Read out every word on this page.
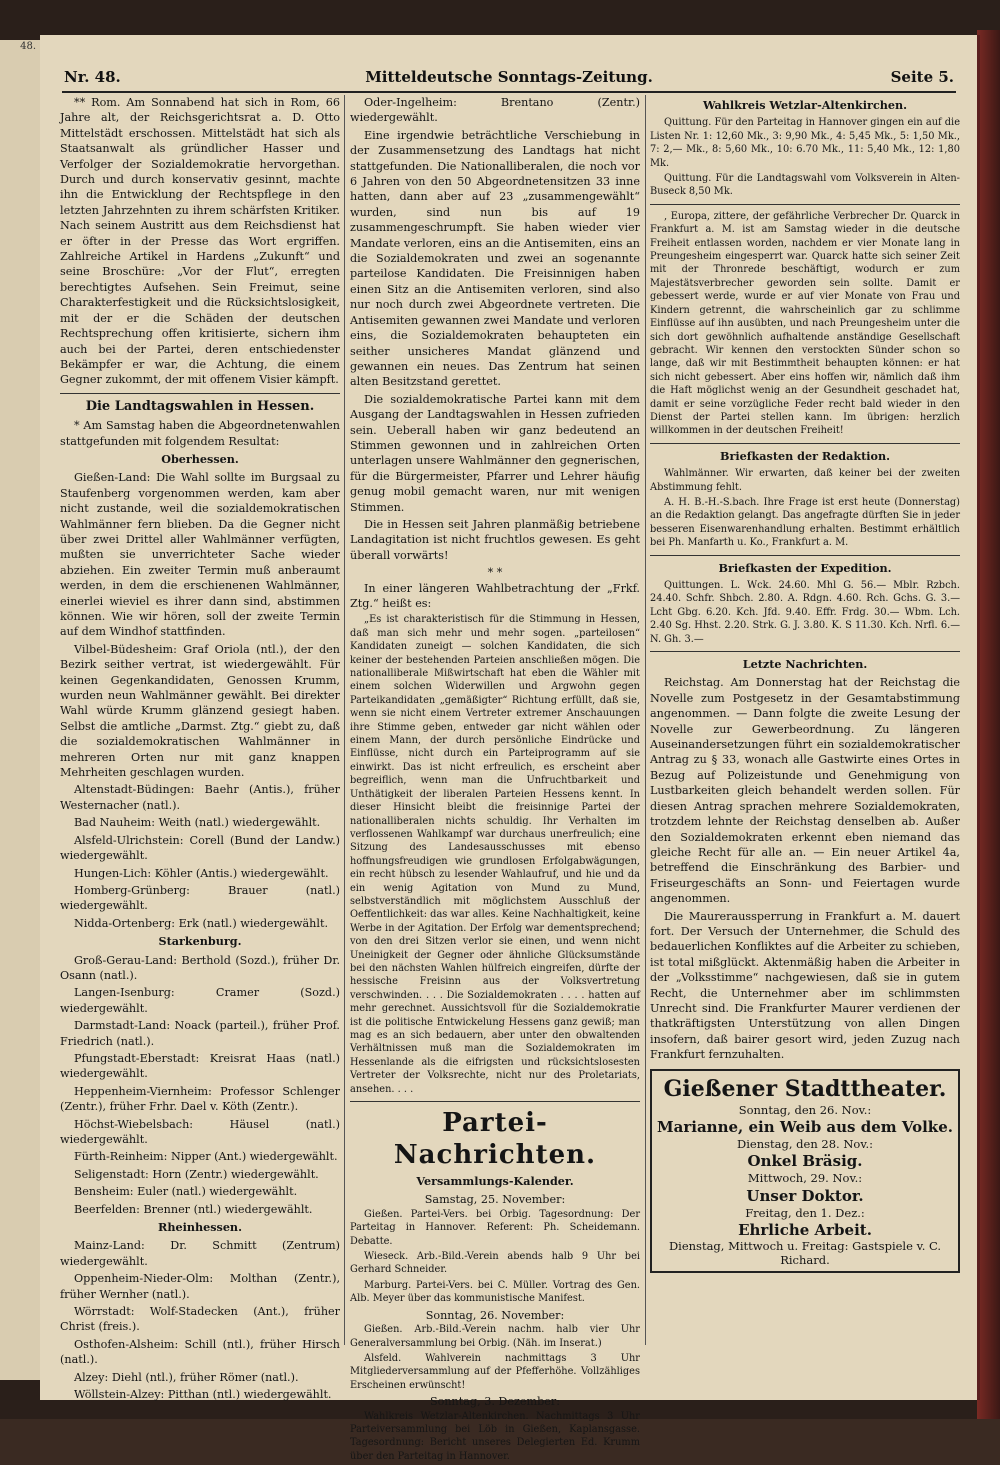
48.
Nr. 48.	Mitteldeutsche Sonntags-Zeitung.	Seite 5.

** Rom. Am Sonnabend hat sich in Rom, 66 Jahre alt, der Reichsgerichtsrat a. D. Otto Mittelstädt erschossen. Mittelstädt hat sich als Staatsanwalt als gründlicher Hasser und Verfolger der Sozialdemokratie hervorgethan. Durch und durch konservativ gesinnt, machte ihn die Entwicklung der Rechtspflege in den letzten Jahrzehnten zu ihrem schärfsten Kritiker. Nach seinem Austritt aus dem Reichsdienst hat er öfter in der Presse das Wort ergriffen. Zahlreiche Artikel in Hardens „Zukunft“ und seine Broschüre: „Vor der Flut“, erregten berechtigtes Aufsehen. Sein Freimut, seine Charakterfestigkeit und die Rücksichtslosigkeit, mit der er die Schäden der deutschen Rechtsprechung offen kritisierte, sichern ihm auch bei der Partei, deren entschiedenster Bekämpfer er war, die Achtung, die einem Gegner zukommt, der mit offenem Visier kämpft.

Die Landtagswahlen in Hessen.

* Am Samstag haben die Abgeordnetenwahlen stattgefunden mit folgendem Resultat:

Oberhessen.

Gießen-Land: Die Wahl sollte im Burgsaal zu Staufenberg vorgenommen werden, kam aber nicht zustande, weil die sozialdemokratischen Wahlmänner fern blieben. Da die Gegner nicht über zwei Drittel aller Wahlmänner verfügten, mußten sie unverrichteter Sache wieder abziehen. Ein zweiter Termin muß anberaumt werden, in dem die erschienenen Wahlmänner, einerlei wieviel es ihrer dann sind, abstimmen können. Wie wir hören, soll der zweite Termin auf dem Windhof stattfinden.

Vilbel-Büdesheim: Graf Oriola (ntl.), der den Bezirk seither vertrat, ist wiedergewählt. Für keinen Gegenkandidaten, Genossen Krumm, wurden neun Wahlmänner gewählt. Bei direkter Wahl würde Krumm glänzend gesiegt haben. Selbst die amtliche „Darmst. Ztg.“ giebt zu, daß die sozialdemokratischen Wahlmänner in mehreren Orten nur mit ganz knappen Mehrheiten geschlagen wurden.

Altenstadt-Büdingen: Baehr (Antis.), früher Westernacher (natl.).

Bad Nauheim: Weith (natl.) wiedergewählt.

Alsfeld-Ulrichstein: Corell (Bund der Landw.) wiedergewählt.

Hungen-Lich: Köhler (Antis.) wiedergewählt.

Homberg-Grünberg: Brauer (natl.) wiedergewählt.

Nidda-Ortenberg: Erk (natl.) wiedergewählt.

Starkenburg.

Groß-Gerau-Land: Berthold (Sozd.), früher Dr. Osann (natl.).

Langen-Isenburg: Cramer (Sozd.) wiedergewählt.

Darmstadt-Land: Noack (parteil.), früher Prof. Friedrich (natl.).

Pfungstadt-Eberstadt: Kreisrat Haas (natl.) wiedergewählt.

Heppenheim-Viernheim: Professor Schlenger (Zentr.), früher Frhr. Dael v. Köth (Zentr.).

Höchst-Wiebelsbach: Häusel (natl.) wiedergewählt.

Fürth-Reinheim: Nipper (Ant.) wiedergewählt.

Seligenstadt: Horn (Zentr.) wiedergewählt.

Bensheim: Euler (natl.) wiedergewählt.

Beerfelden: Brenner (ntl.) wiedergewählt.

Rheinhessen.

Mainz-Land: Dr. Schmitt (Zentrum) wiedergewählt.

Oppenheim-Nieder-Olm: Molthan (Zentr.), früher Wernher (natl.).

Wörrstadt: Wolf-Stadecken (Ant.), früher Christ (freis.).

Osthofen-Alsheim: Schill (ntl.), früher Hirsch (natl.).

Alzey: Diehl (ntl.), früher Römer (natl.).

Wöllstein-Alzey: Pitthan (ntl.) wiedergewählt.

Oder-Ingelheim: Brentano (Zentr.) wiedergewählt.

Eine irgendwie beträchtliche Verschiebung in der Zusammensetzung des Landtags hat nicht stattgefunden. Die Nationalliberalen, die noch vor 6 Jahren von den 50 Abgeordnetensitzen 33 inne hatten, dann aber auf 23 „zusammengewählt“ wurden, sind nun bis auf 19 zusammengeschrumpft. Sie haben wieder vier Mandate verloren, eins an die Antisemiten, eins an die Sozialdemokraten und zwei an sogenannte parteilose Kandidaten. Die Freisinnigen haben einen Sitz an die Antisemiten verloren, sind also nur noch durch zwei Abgeordnete vertreten. Die Antisemiten gewannen zwei Mandate und verloren eins, die Sozialdemokraten behaupteten ein seither unsicheres Mandat glänzend und gewannen ein neues. Das Zentrum hat seinen alten Besitzstand gerettet.

Die sozialdemokratische Partei kann mit dem Ausgang der Landtagswahlen in Hessen zufrieden sein. Ueberall haben wir ganz bedeutend an Stimmen gewonnen und in zahlreichen Orten unterlagen unsere Wahlmänner den gegnerischen, für die Bürgermeister, Pfarrer und Lehrer häufig genug mobil gemacht waren, nur mit wenigen Stimmen.

Die in Hessen seit Jahren planmäßig betriebene Landagitation ist nicht fruchtlos gewesen. Es geht überall vorwärts!

* *

In einer längeren Wahlbetrachtung der „Frkf. Ztg.“ heißt es:

„Es ist charakteristisch für die Stimmung in Hessen, daß man sich mehr und mehr sogen. „parteilosen“ Kandidaten zuneigt — solchen Kandidaten, die sich keiner der bestehenden Parteien anschließen mögen. Die nationalliberale Mißwirtschaft hat eben die Wähler mit einem solchen Widerwillen und Argwohn gegen Parteikandidaten „gemäßigter“ Richtung erfüllt, daß sie, wenn sie nicht einem Vertreter extremer Anschauungen ihre Stimme geben, entweder gar nicht wählen oder einem Mann, der durch persönliche Eindrücke und Einflüsse, nicht durch ein Parteiprogramm auf sie einwirkt. Das ist nicht erfreulich, es erscheint aber begreiflich, wenn man die Unfruchtbarkeit und Unthätigkeit der liberalen Parteien Hessens kennt. In dieser Hinsicht bleibt die freisinnige Partei der nationalliberalen nichts schuldig. Ihr Verhalten im verflossenen Wahlkampf war durchaus unerfreulich; eine Sitzung des Landesausschusses mit ebenso hoffnungsfreudigen wie grundlosen Erfolgabwägungen, ein recht hübsch zu lesender Wahlaufruf, und hie und da ein wenig Agitation von Mund zu Mund, selbstverständlich mit möglichstem Ausschluß der Oeffentlichkeit: das war alles. Keine Nachhaltigkeit, keine Werbe in der Agitation. Der Erfolg war dementsprechend; von den drei Sitzen verlor sie einen, und wenn nicht Uneinigkeit der Gegner oder ähnliche Glücksumstände bei den nächsten Wahlen hülfreich eingreifen, dürfte der hessische Freisinn aus der Volksvertretung verschwinden. . . . Die Sozialdemokraten . . . . hatten auf mehr gerechnet. Aussichtsvoll für die Sozialdemokratie ist die politische Entwickelung Hessens ganz gewiß; man mag es an sich bedauern, aber unter den obwaltenden Verhältnissen muß man die Sozialdemokraten im Hessenlande als die eifrigsten und rücksichtslosesten Vertreter der Volksrechte, nicht nur des Proletariats, ansehen. . . .

Partei-Nachrichten.
Versammlungs-Kalender.
Samstag, 25. November:

Gießen. Partei-Vers. bei Orbig. Tagesordnung: Der Parteitag in Hannover. Referent: Ph. Scheidemann. Debatte.

Wieseck. Arb.-Bild.-Verein abends halb 9 Uhr bei Gerhard Schneider.

Marburg. Partei-Vers. bei C. Müller. Vortrag des Gen. Alb. Meyer über das kommunistische Manifest.

Sonntag, 26. November:

Gießen. Arb.-Bild.-Verein nachm. halb vier Uhr Generalversammlung bei Orbig. (Näh. im Inserat.)

Alsfeld. Wahlverein nachmittags 3 Uhr Mitgliederversammlung auf der Pfefferhöhe. Vollzähliges Erscheinen erwünscht!

Sonntag, 3. Dezember:

Wahlkreis Wetzlar-Altenkirchen. Nachmittags 3 Uhr Parteiversammlung bei Löb in Gießen, Kaplansgasse. Tagesordnung: Bericht unseres Delegierten Ed. Krumm über den Parteitag in Hannover.

Wahlkreis Wetzlar-Altenkirchen.

Quittung. Für den Parteitag in Hannover gingen ein auf die Listen Nr. 1: 12,60 Mk., 3: 9,90 Mk., 4: 5,45 Mk., 5: 1,50 Mk., 7: 2,— Mk., 8: 5,60 Mk., 10: 6.70 Mk., 11: 5,40 Mk., 12: 1,80 Mk.

Quittung. Für die Landtagswahl vom Volksverein in Alten-Buseck 8,50 Mk.

, Europa, zittere, der gefährliche Verbrecher Dr. Quarck in Frankfurt a. M. ist am Samstag wieder in die deutsche Freiheit entlassen worden, nachdem er vier Monate lang in Preungesheim eingesperrt war. Quarck hatte sich seiner Zeit mit der Thronrede beschäftigt, wodurch er zum Majestätsverbrecher geworden sein sollte. Damit er gebessert werde, wurde er auf vier Monate von Frau und Kindern getrennt, die wahrscheinlich gar zu schlimme Einflüsse auf ihn ausübten, und nach Preungesheim unter die sich dort gewöhnlich aufhaltende anständige Gesellschaft gebracht. Wir kennen den verstockten Sünder schon so lange, daß wir mit Bestimmtheit behaupten können: er hat sich nicht gebessert. Aber eins hoffen wir, nämlich daß ihm die Haft möglichst wenig an der Gesundheit geschadet hat, damit er seine vorzügliche Feder recht bald wieder in den Dienst der Partei stellen kann. Im übrigen: herzlich willkommen in der deutschen Freiheit!

Briefkasten der Redaktion.

Wahlmänner. Wir erwarten, daß keiner bei der zweiten Abstimmung fehlt.

A. H. B.-H.-S.bach. Ihre Frage ist erst heute (Donnerstag) an die Redaktion gelangt. Das angefragte dürften Sie in jeder besseren Eisenwarenhandlung erhalten. Bestimmt erhältlich bei Ph. Manfarth u. Ko., Frankfurt a. M.

Briefkasten der Expedition.

Quittungen. L. Wck. 24.60. Mhl G. 56.— Mblr. Rzbch. 24.40. Schfr. Shbch. 2.80. A. Rdgn. 4.60. Rch. Gchs. G. 3.— Lcht Gbg. 6.20. Kch. Jfd. 9.40. Effr. Frdg. 30.— Wbm. Lch. 2.40 Sg. Hhst. 2.20. Strk. G. J. 3.80. K. S 11.30. Kch. Nrfl. 6.— N. Gh. 3.—

Letzte Nachrichten.

Reichstag. Am Donnerstag hat der Reichstag die Novelle zum Postgesetz in der Gesamtabstimmung angenommen. — Dann folgte die zweite Lesung der Novelle zur Gewerbeordnung. Zu längeren Auseinandersetzungen führt ein sozialdemokratischer Antrag zu § 33, wonach alle Gastwirte eines Ortes in Bezug auf Polizeistunde und Genehmigung von Lustbarkeiten gleich behandelt werden sollen. Für diesen Antrag sprachen mehrere Sozialdemokraten, trotzdem lehnte der Reichstag denselben ab. Außer den Sozialdemokraten erkennt eben niemand das gleiche Recht für alle an. — Ein neuer Artikel 4a, betreffend die Einschränkung des Barbier- und Friseurgeschäfts an Sonn- und Feiertagen wurde angenommen.

Die Maureraussperrung in Frankfurt a. M. dauert fort. Der Versuch der Unternehmer, die Schuld des bedauerlichen Konfliktes auf die Arbeiter zu schieben, ist total mißglückt. Aktenmäßig haben die Arbeiter in der „Volksstimme“ nachgewiesen, daß sie in gutem Recht, die Unternehmer aber im schlimmsten Unrecht sind. Die Frankfurter Maurer verdienen der thatkräftigsten Unterstützung von allen Dingen insofern, daß bairer gesort wird, jeden Zuzug nach Frankfurt fernzuhalten.

Gießener Stadttheater.
Sonntag, den 26. Nov.:
Marianne, ein Weib aus dem Volke.
Dienstag, den 28. Nov.:
Onkel Bräsig.
Mittwoch, 29. Nov.:
Unser Doktor.
Freitag, den 1. Dez.:
Ehrliche Arbeit.
Dienstag, Mittwoch u. Freitag: Gastspiele v. C. Richard.
